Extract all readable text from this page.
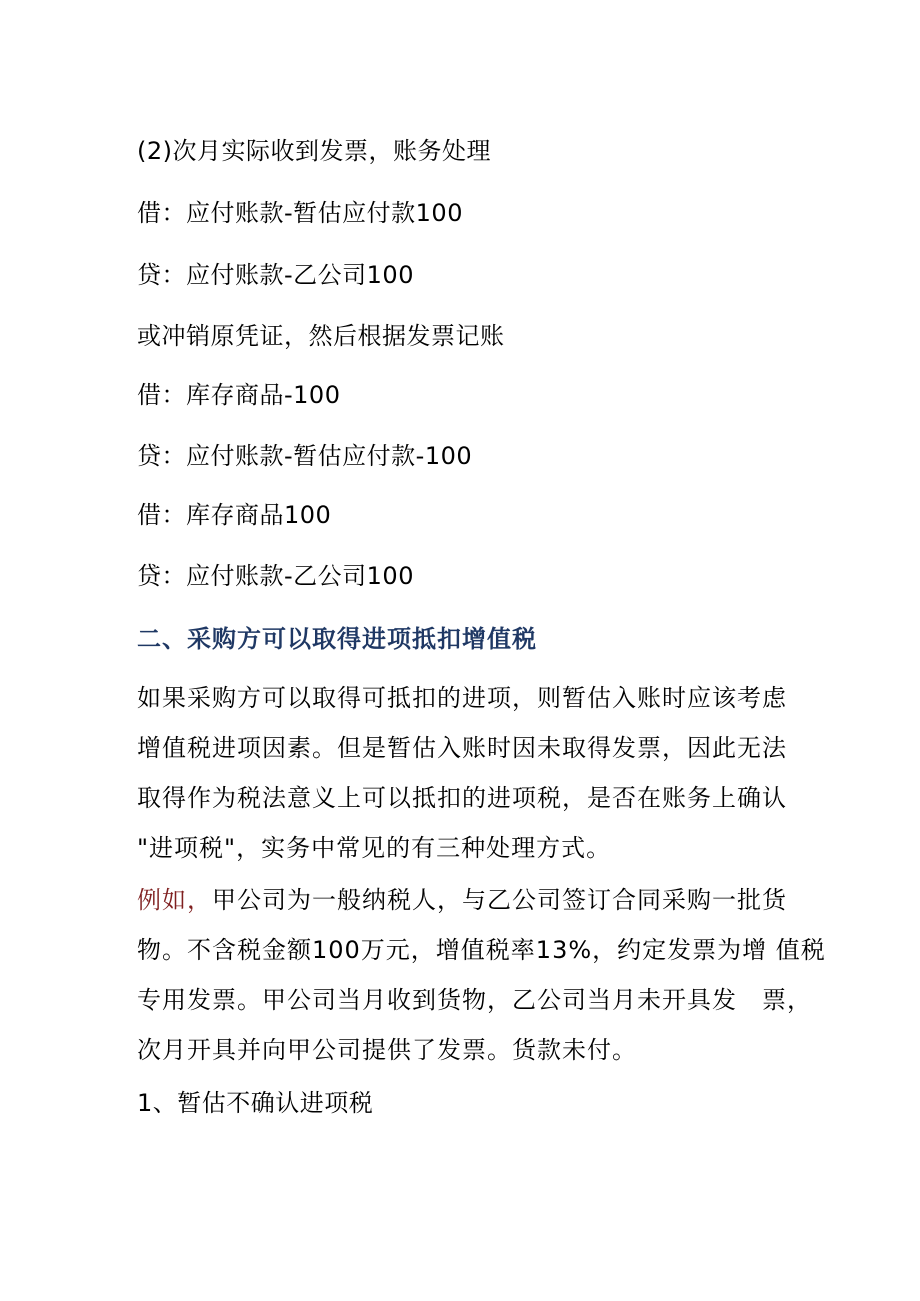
(2)次月实际收到发票，账务处理
借：应付账款-暂估应付款100
贷：应付账款-乙公司100
或冲销原凭证，然后根据发票记账
借：库存商品-100
贷：应付账款-暂估应付款-100
借：库存商品100
贷：应付账款-乙公司100
二、采购方可以取得进项抵扣增值税
如果采购方可以取得可抵扣的进项，则暂估入账时应该考虑
增值税进项因素。但是暂估入账时因未取得发票，因此无法
取得作为税法意义上可以抵扣的进项税，是否在账务上确认
"进项税"，实务中常见的有三种处理方式。
例如，甲公司为一般纳税人，与乙公司签订合同采购一批货
物。不含税金额100万元，增值税率13%，约定发票为增 值税
专用发票。甲公司当月收到货物，乙公司当月未开具发　票，
次月开具并向甲公司提供了发票。货款未付。
1、暂估不确认进项税
